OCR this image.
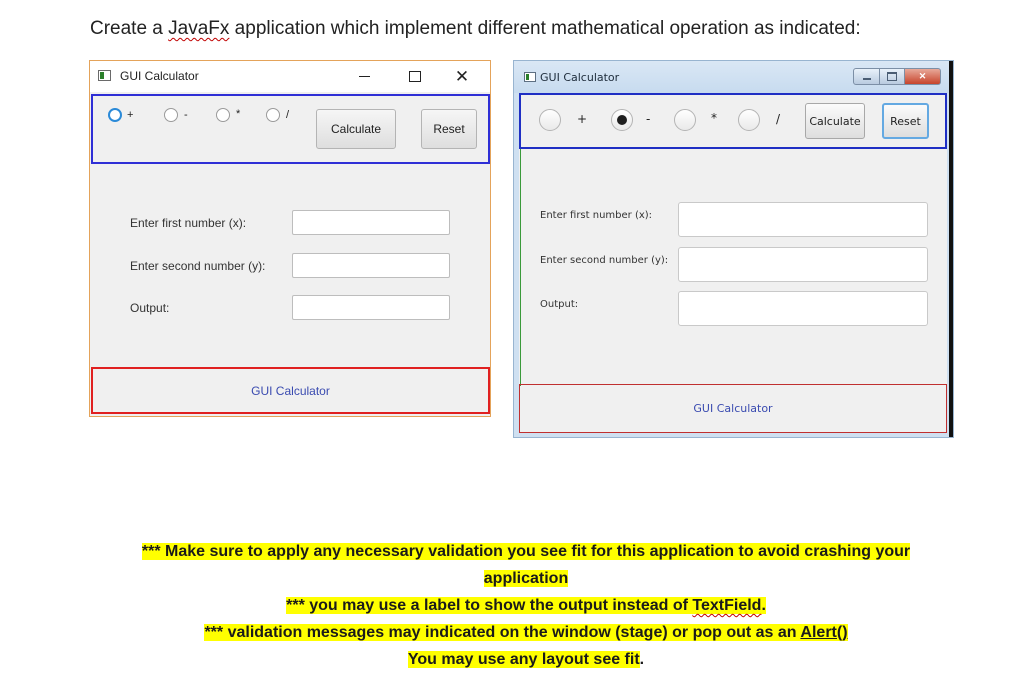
Create a JavaFx application which implement different mathematical operation as indicated:
GUI Calculator	✕
+	-	*	/
Calculate	Reset
Enter first number (x):
Enter second number (y):
Output:
GUI Calculator
GUI Calculator	✕
+	-	*	/	Calculate	Reset
Enter first number (x):
Enter second number (y):
Output:
GUI Calculator
*** Make sure to apply any necessary validation you see fit for this application to avoid crashing your
application
*** you may use a label to show the output instead of TextField.
*** validation messages may indicated on the window (stage) or pop out as an Alert()
You may use any layout see fit.
